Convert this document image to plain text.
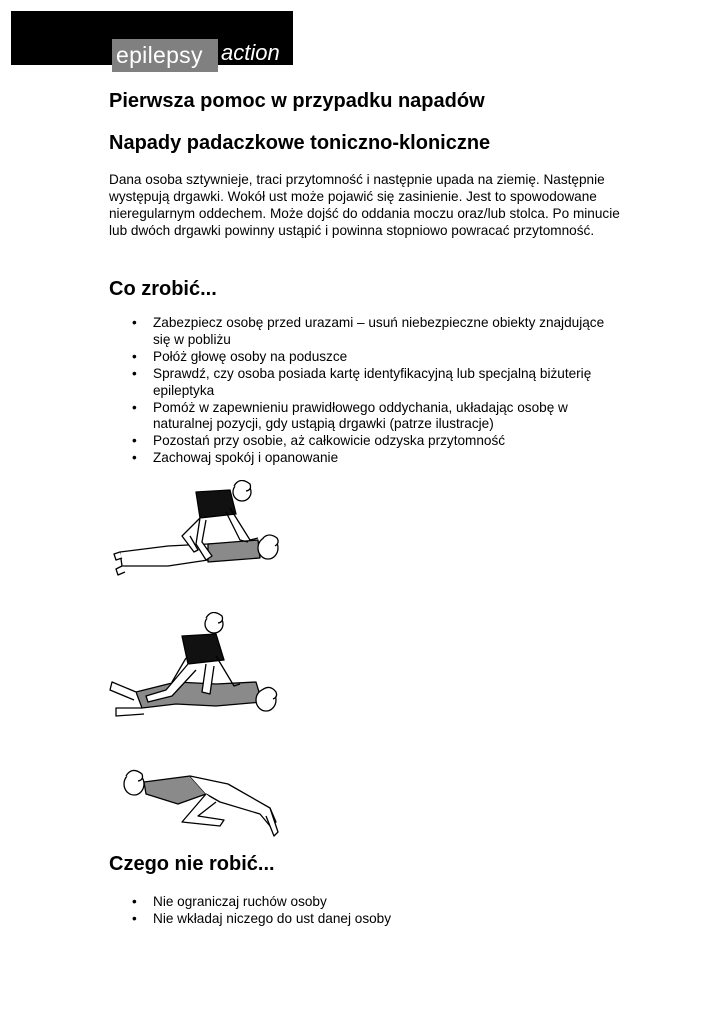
epilepsy action
Pierwsza pomoc w przypadku napadów
Napady padaczkowe toniczno-kloniczne

Dana osoba sztywnieje, traci przytomność i następnie upada na ziemię. Następnie występują drgawki. Wokół ust może pojawić się zasinienie. Jest to spowodowane nieregularnym oddechem. Może dojść do oddania moczu oraz/lub stolca. Po minucie lub dwóch drgawki powinny ustąpić i powinna stopniowo powracać przytomność.

Co zrobić...
• Zabezpiecz osobę przed urazami – usuń niebezpieczne obiekty znajdujące się w pobliżu
• Połóż głowę osoby na poduszce
• Sprawdź, czy osoba posiada kartę identyfikacyjną lub specjalną biżuterię epileptyka
• Pomóż w zapewnieniu prawidłowego oddychania, układając osobę w naturalnej pozycji, gdy ustąpią drgawki (patrze ilustracje)
• Pozostań przy osobie, aż całkowicie odzyska przytomność
• Zachowaj spokój i opanowanie
Czego nie robić...
• Nie ograniczaj ruchów osoby
• Nie wkładaj niczego do ust danej osoby
